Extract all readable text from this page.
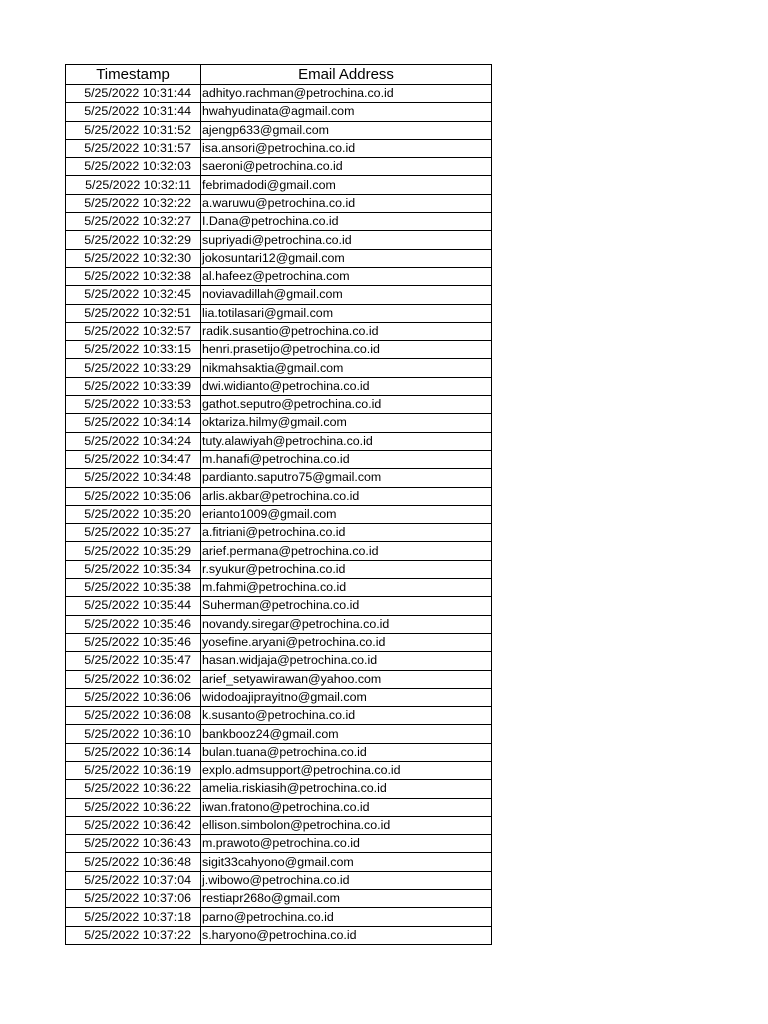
Timestamp	Email Address
5/25/2022 10:31:44	adhityo.rachman@petrochina.co.id
5/25/2022 10:31:44	hwahyudinata@agmail.com
5/25/2022 10:31:52	ajengp633@gmail.com
5/25/2022 10:31:57	isa.ansori@petrochina.co.id
5/25/2022 10:32:03	saeroni@petrochina.co.id
5/25/2022 10:32:11	febrimadodi@gmail.com
5/25/2022 10:32:22	a.waruwu@petrochina.co.id
5/25/2022 10:32:27	I.Dana@petrochina.co.id
5/25/2022 10:32:29	supriyadi@petrochina.co.id
5/25/2022 10:32:30	jokosuntari12@gmail.com
5/25/2022 10:32:38	al.hafeez@petrochina.com
5/25/2022 10:32:45	noviavadillah@gmail.com
5/25/2022 10:32:51	lia.totilasari@gmail.com
5/25/2022 10:32:57	radik.susantio@petrochina.co.id
5/25/2022 10:33:15	henri.prasetijo@petrochina.co.id
5/25/2022 10:33:29	nikmahsaktia@gmail.com
5/25/2022 10:33:39	dwi.widianto@petrochina.co.id
5/25/2022 10:33:53	gathot.seputro@petrochina.co.id
5/25/2022 10:34:14	oktariza.hilmy@gmail.com
5/25/2022 10:34:24	tuty.alawiyah@petrochina.co.id
5/25/2022 10:34:47	m.hanafi@petrochina.co.id
5/25/2022 10:34:48	pardianto.saputro75@gmail.com
5/25/2022 10:35:06	arlis.akbar@petrochina.co.id
5/25/2022 10:35:20	erianto1009@gmail.com
5/25/2022 10:35:27	a.fitriani@petrochina.co.id
5/25/2022 10:35:29	arief.permana@petrochina.co.id
5/25/2022 10:35:34	r.syukur@petrochina.co.id
5/25/2022 10:35:38	m.fahmi@petrochina.co.id
5/25/2022 10:35:44	Suherman@petrochina.co.id
5/25/2022 10:35:46	novandy.siregar@petrochina.co.id
5/25/2022 10:35:46	yosefine.aryani@petrochina.co.id
5/25/2022 10:35:47	hasan.widjaja@petrochina.co.id
5/25/2022 10:36:02	arief_setyawirawan@yahoo.com
5/25/2022 10:36:06	widodoajiprayitno@gmail.com
5/25/2022 10:36:08	k.susanto@petrochina.co.id
5/25/2022 10:36:10	bankbooz24@gmail.com
5/25/2022 10:36:14	bulan.tuana@petrochina.co.id
5/25/2022 10:36:19	explo.admsupport@petrochina.co.id
5/25/2022 10:36:22	amelia.riskiasih@petrochina.co.id
5/25/2022 10:36:22	iwan.fratono@petrochina.co.id
5/25/2022 10:36:42	ellison.simbolon@petrochina.co.id
5/25/2022 10:36:43	m.prawoto@petrochina.co.id
5/25/2022 10:36:48	sigit33cahyono@gmail.com
5/25/2022 10:37:04	j.wibowo@petrochina.co.id
5/25/2022 10:37:06	restiapr268o@gmail.com
5/25/2022 10:37:18	parno@petrochina.co.id
5/25/2022 10:37:22	s.haryono@petrochina.co.id
